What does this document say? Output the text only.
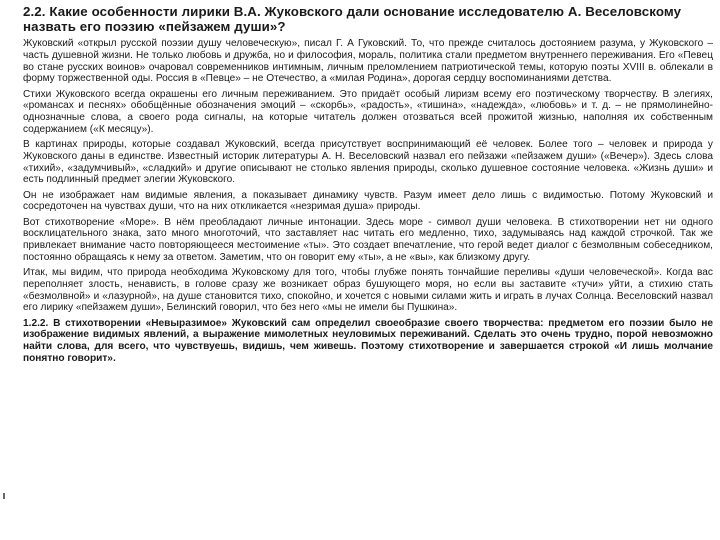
2.2. Какие особенности лирики В.А. Жуковского дали основание исследователю А. Веселовскому назвать его поэзию «пейзажем души»?

Жуковский «открыл русской поэзии душу человеческую», писал Г. А Гуковский. То, что прежде считалось достоянием разума, у Жуковского – часть душевной жизни. Не только любовь и дружба, но и философия, мораль, политика стали предметом внутреннего переживания. Его «Певец во стане русских воинов» очаровал современников интимным, личным преломлением патриотической темы, которую поэты XVIII в. облекали в форму торжественной оды. Россия в «Певце» – не Отечество, а «милая Родина», дорогая сердцу воспоминаниями детства.

Стихи Жуковского всегда окрашены его личным переживанием. Это придаёт особый лиризм всему его поэтическому творчеству. В элегиях, «романсах и песнях» обобщённые обозначения эмоций – «скорбь», «радость», «тишина», «надежда», «любовь» и т. д. – не прямолинейно-однозначные слова, а своего рода сигналы, на которые читатель должен отозваться всей прожитой жизнью, наполняя их собственным содержанием («К месяцу»).

В картинах природы, которые создавал Жуковский, всегда присутствует воспринимающий её человек. Более того – человек и природа у Жуковского даны в единстве. Известный историк литературы А. Н. Веселовский назвал его пейзажи «пейзажем души» («Вечер»). Здесь слова «тихий», «задумчивый», «сладкий» и другие описывают не столько явления природы, сколько душевное состояние человека. «Жизнь души» и есть подлинный предмет элегии Жуковского.

Он не изображает нам видимые явления, а показывает динамику чувств. Разум имеет дело лишь с видимостью. Потому Жуковский и сосредоточен на чувствах души, что на них откликается «незримая душа» природы.

Вот стихотворение «Море». В нём преобладают личные интонации. Здесь море - символ души человека. В стихотворении нет ни одного восклицательного знака, зато много многоточий, что заставляет нас читать его медленно, тихо, задумываясь над каждой строчкой. Так же привлекает внимание часто повторяющееся местоимение «ты». Это создает впечатление, что герой ведет диалог с безмолвным собеседником, постоянно обращаясь к нему за ответом. Заметим, что он говорит ему «ты», а не «вы», как близкому другу.

Итак, мы видим, что природа необходима Жуковскому для того, чтобы глубже понять тончайшие переливы «души человеческой». Когда вас переполняет злость, ненависть, в голове сразу же возникает образ бушующего моря, но если вы заставите «тучи» уйти, а стихию стать «безмолвной» и «лазурной», на душе становится тихо, спокойно, и хочется с новыми силами жить и играть в лучах Солнца. Веселовский назвал его лирику «пейзажем души», Белинский говорил, что без него «мы не имели бы Пушкина».

1.2.2. В стихотворении «Невыразимое» Жуковский сам определил своеобразие своего творчества: предметом его поэзии было не изображение видимых явлений, а выражение мимолетных неуловимых переживаний. Сделать это очень трудно, порой невозможно найти слова, для всего, что чувствуешь, видишь, чем живешь. Поэтому стихотворение и завершается строкой «И лишь молчание понятно говорит».
